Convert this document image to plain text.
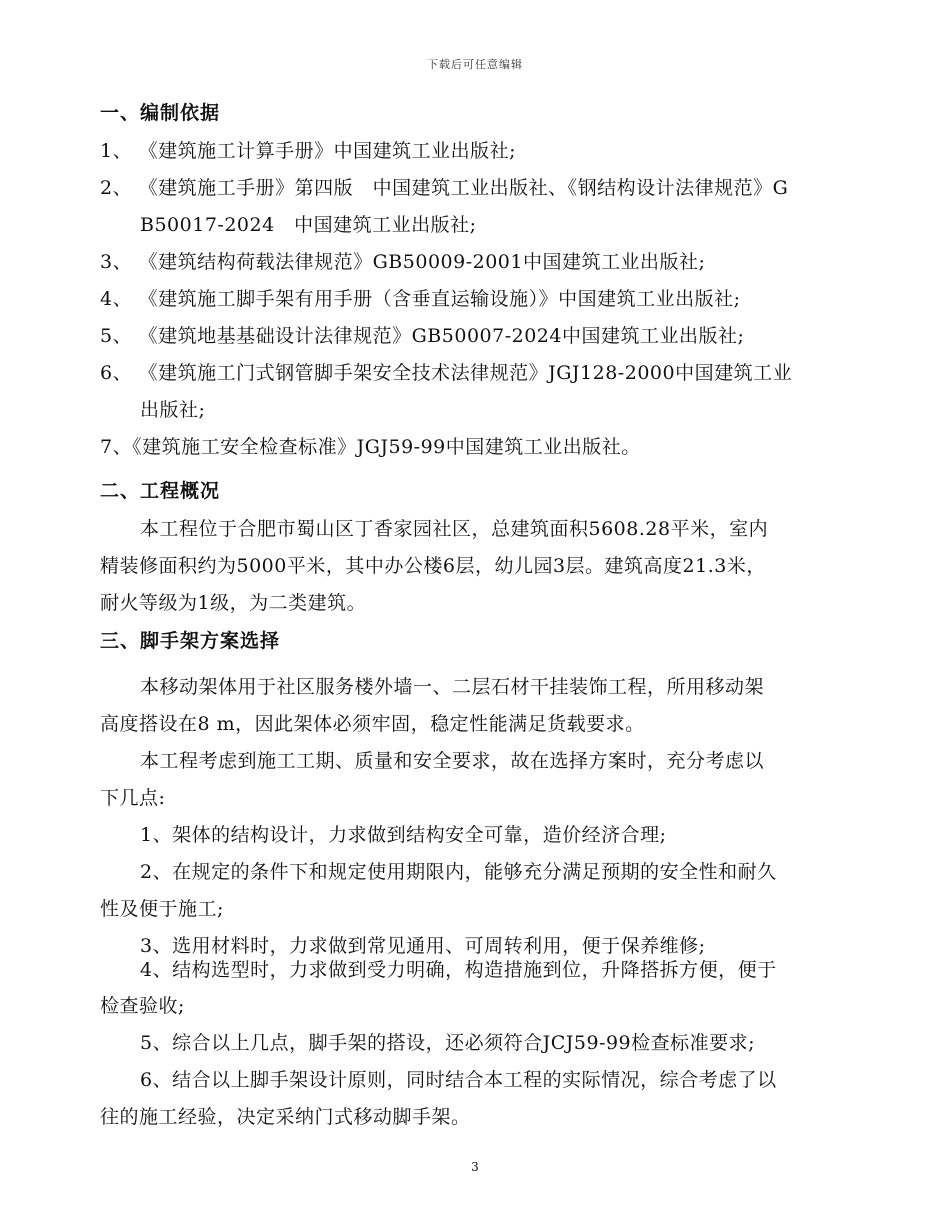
下载后可任意编辑
一、编制依据
1、 《建筑施工计算手册》中国建筑工业出版社;
2、 《建筑施工手册》第四版　中国建筑工业出版社、《钢结构设计法律规范》G
B50017-2024　中国建筑工业出版社;
3、 《建筑结构荷载法律规范》GB50009-2001中国建筑工业出版社;
4、 《建筑施工脚手架有用手册（含垂直运输设施）》中国建筑工业出版社;
5、 《建筑地基基础设计法律规范》GB50007-2024中国建筑工业出版社;
6、 《建筑施工门式钢管脚手架安全技术法律规范》JGJ128-2000中国建筑工业
出版社;
7、《建筑施工安全检查标准》JGJ59-99中国建筑工业出版社。
二、工程概况
本工程位于合肥市蜀山区丁香家园社区，总建筑面积5608.28平米，室内
精装修面积约为5000平米，其中办公楼6层，幼儿园3层。建筑高度21.3米，
耐火等级为1级，为二类建筑。
三、脚手架方案选择
本移动架体用于社区服务楼外墙一、二层石材干挂装饰工程，所用移动架
高度搭设在8 m，因此架体必须牢固，稳定性能满足货载要求。
本工程考虑到施工工期、质量和安全要求，故在选择方案时，充分考虑以
下几点:
1、架体的结构设计，力求做到结构安全可靠，造价经济合理;
2、在规定的条件下和规定使用期限内，能够充分满足预期的安全性和耐久
性及便于施工;
3、选用材料时，力求做到常见通用、可周转利用，便于保养维修;
4、结构选型时，力求做到受力明确，构造措施到位，升降搭拆方便，便于
检查验收;
5、综合以上几点，脚手架的搭设，还必须符合JCJ59-99检查标准要求;
6、结合以上脚手架设计原则，同时结合本工程的实际情况，综合考虑了以
往的施工经验，决定采纳门式移动脚手架。
3
